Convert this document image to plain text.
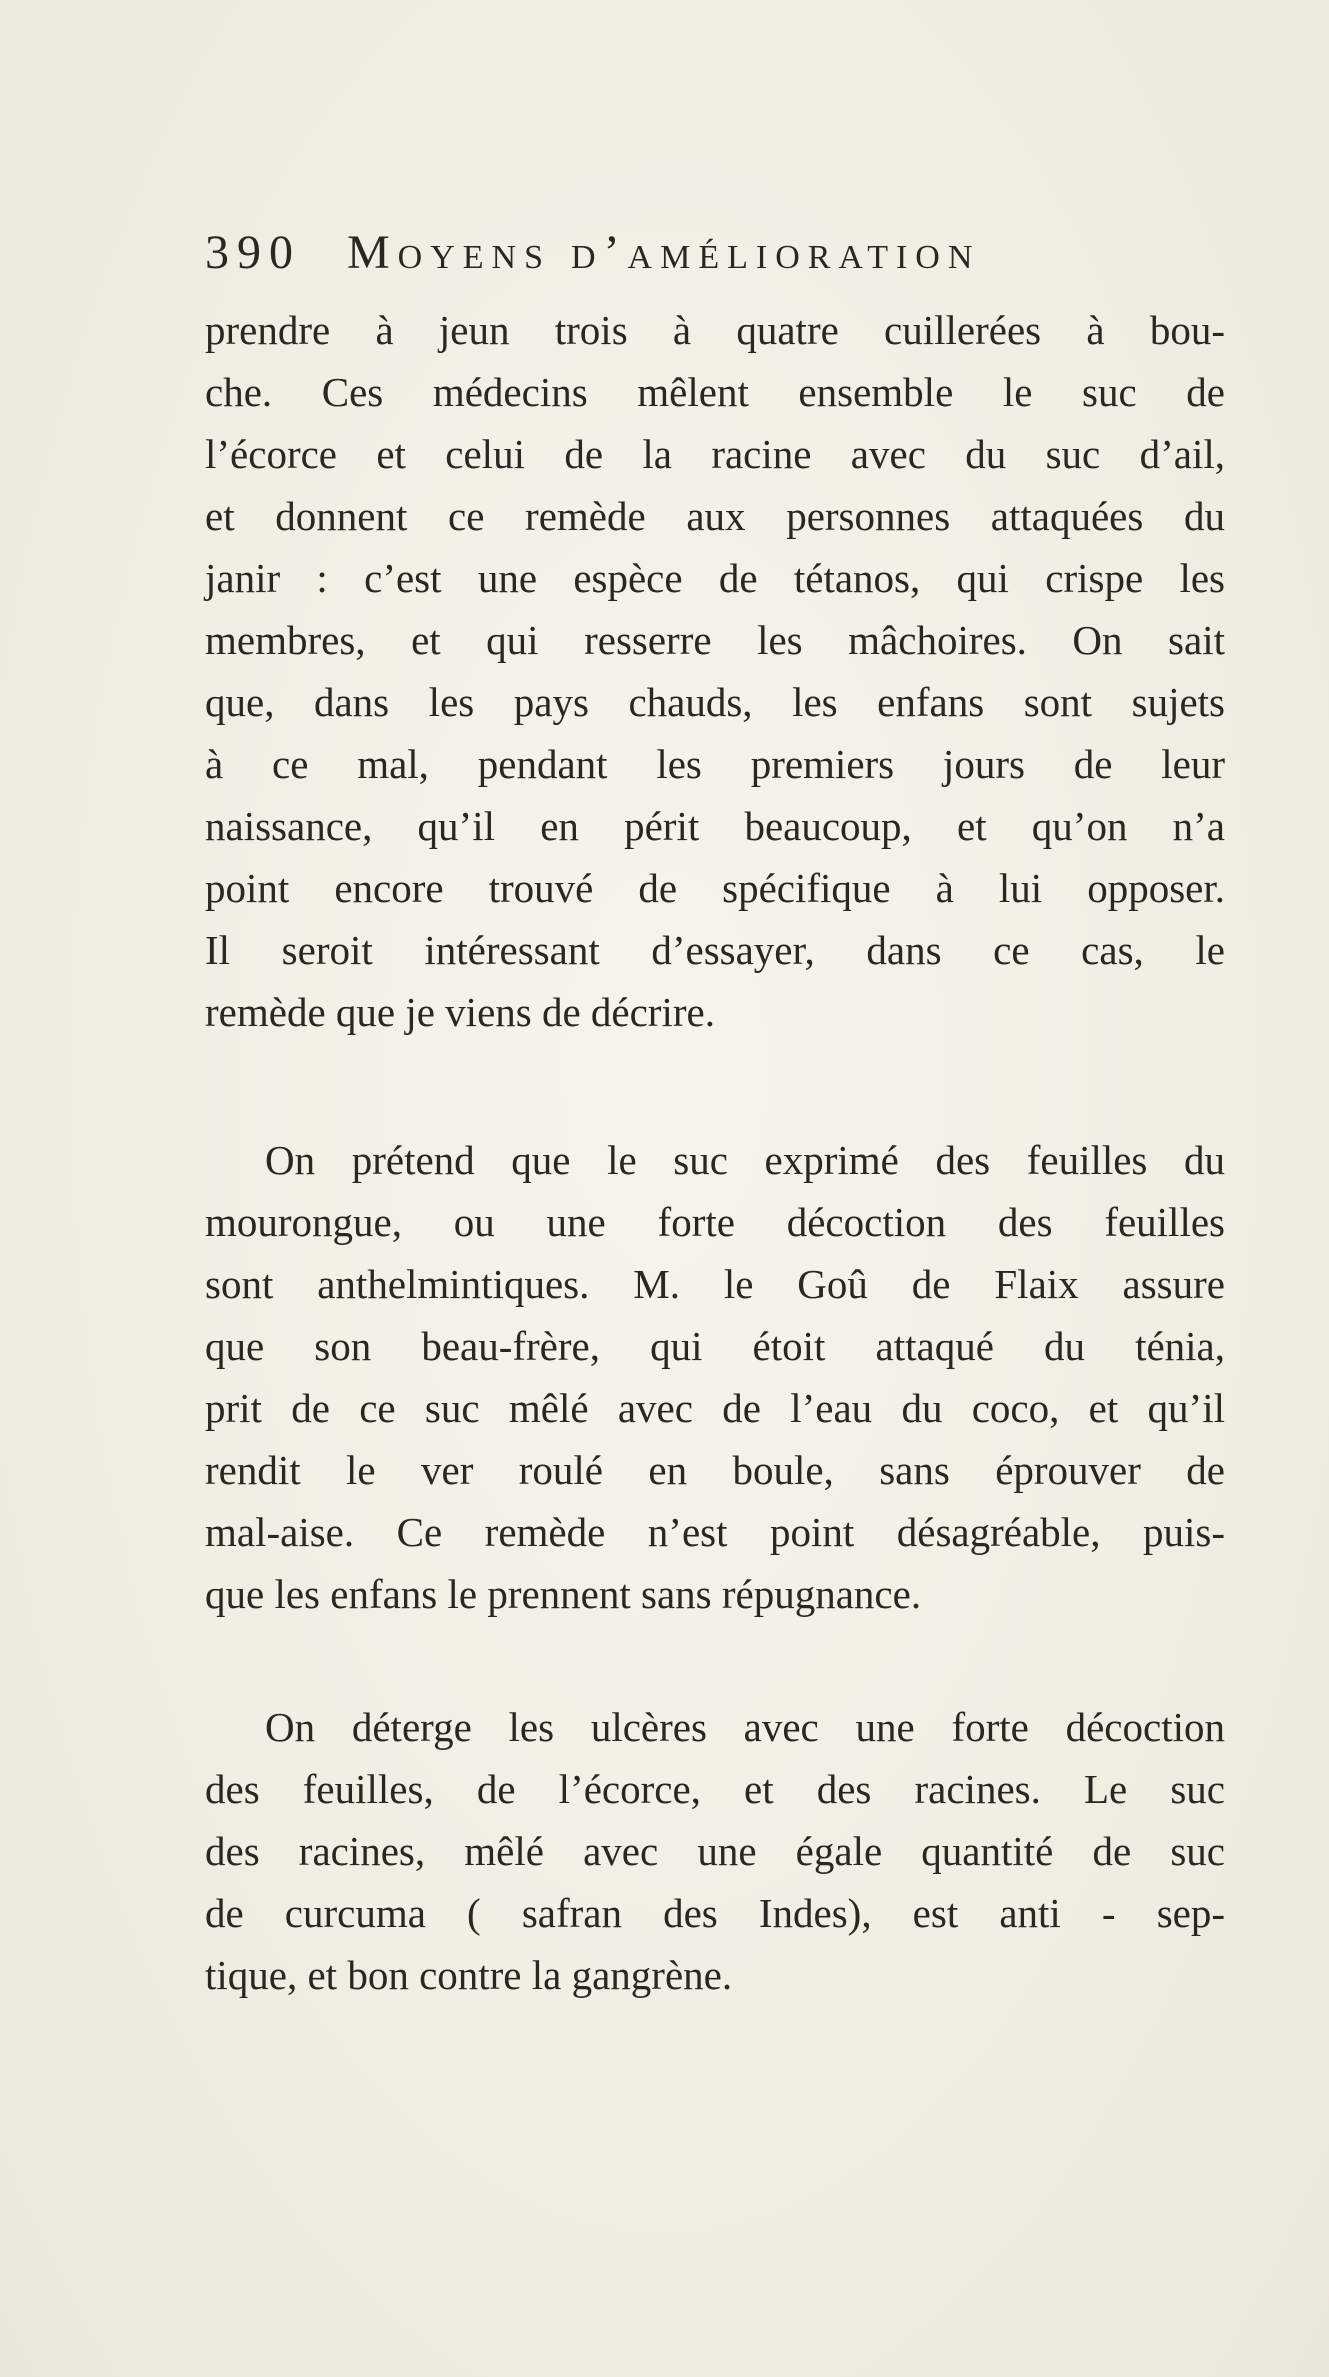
390 Moyens d’amélioration
prendre à jeun trois à quatre cuillerées à bou-
che. Ces médecins mêlent ensemble le suc de
l’écorce et celui de la racine avec du suc d’ail,
et donnent ce remède aux personnes attaquées du
janir : c’est une espèce de tétanos, qui crispe les
membres, et qui resserre les mâchoires. On sait
que, dans les pays chauds, les enfans sont sujets
à ce mal, pendant les premiers jours de leur
naissance, qu’il en périt beaucoup, et qu’on n’a
point encore trouvé de spécifique à lui opposer.
Il seroit intéressant d’essayer, dans ce cas, le
remède que je viens de décrire.
On prétend que le suc exprimé des feuilles du
mourongue, ou une forte décoction des feuilles
sont anthelmintiques. M. le Goû de Flaix assure
que son beau-frère, qui étoit attaqué du ténia,
prit de ce suc mêlé avec de l’eau du coco, et qu’il
rendit le ver roulé en boule, sans éprouver de
mal-aise. Ce remède n’est point désagréable, puis-
que les enfans le prennent sans répugnance.
On déterge les ulcères avec une forte décoction
des feuilles, de l’écorce, et des racines. Le suc
des racines, mêlé avec une égale quantité de suc
de curcuma ( safran des Indes), est anti - sep-
tique, et bon contre la gangrène.
